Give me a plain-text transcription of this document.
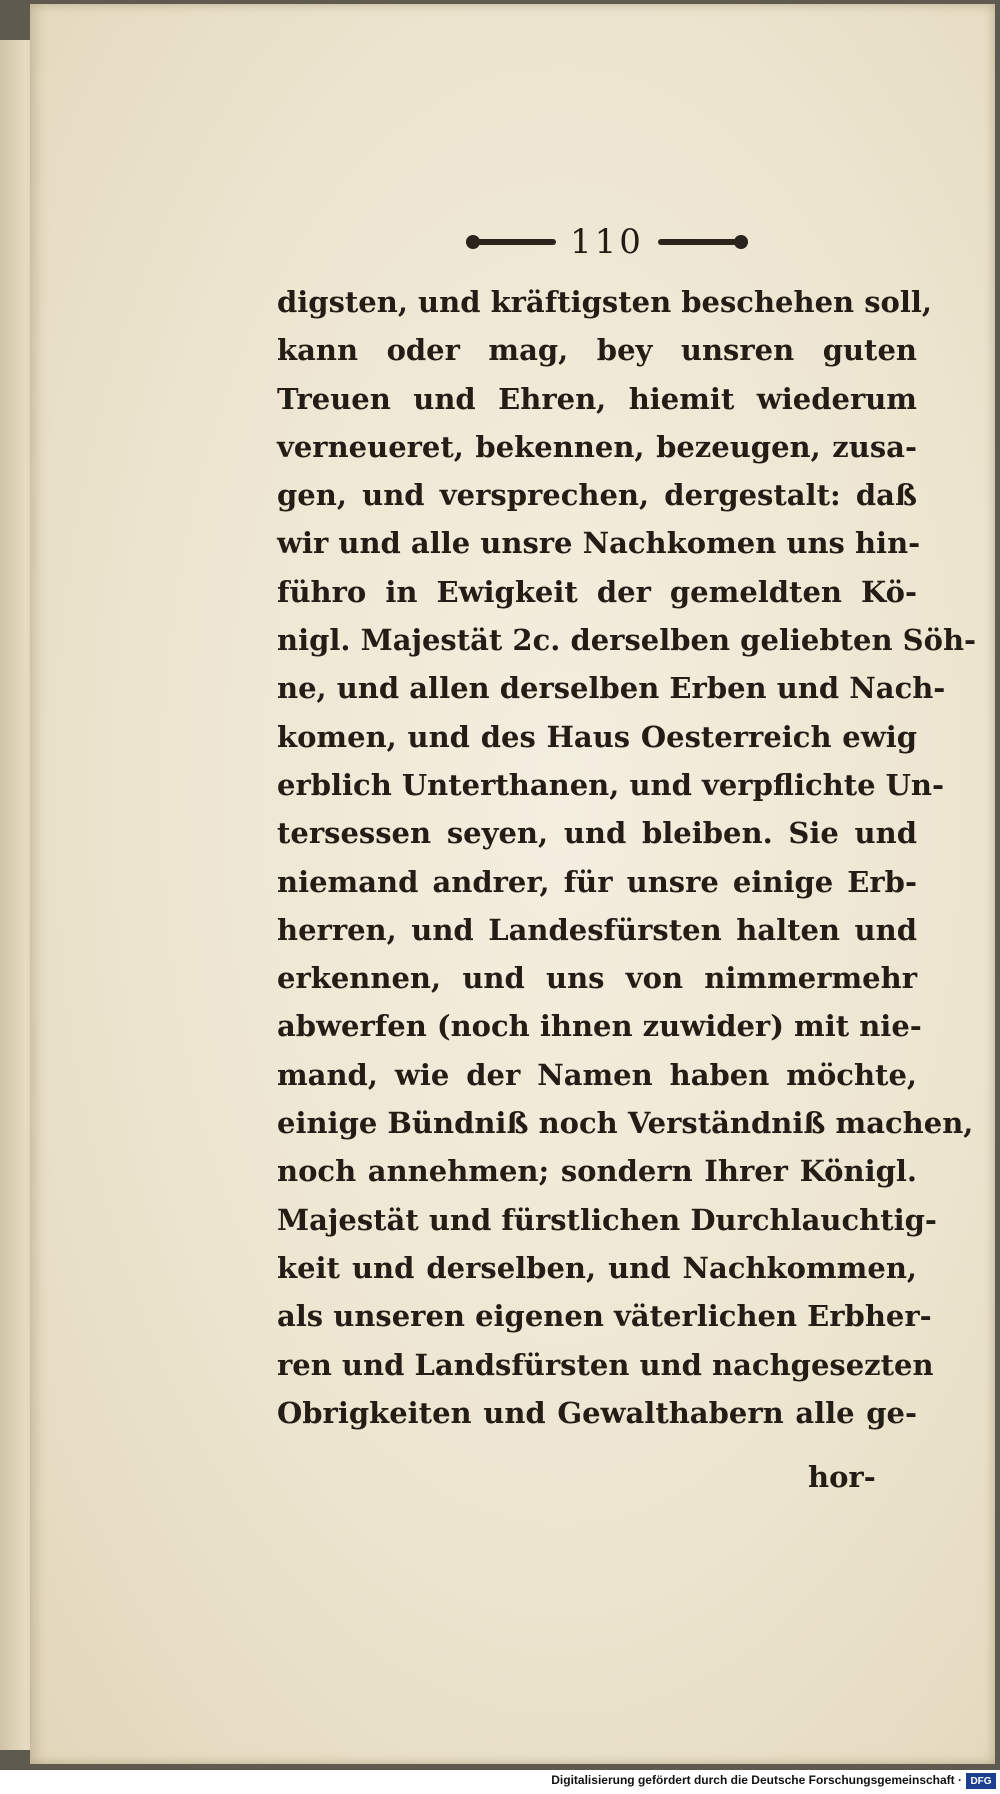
110
digsten, und kräftigsten beschehen soll,
kann oder mag, bey unsren guten
Treuen und Ehren, hiemit wiederum
verneueret, bekennen, bezeugen, zusa-
gen, und versprechen, dergestalt: daß
wir und alle unsre Nachkomen uns hin-
führo in Ewigkeit der gemeldten Kö-
nigl. Majestät 2c. derselben geliebten Söh-
ne, und allen derselben Erben und Nach-
komen, und des Haus Oesterreich ewig
erblich Unterthanen, und verpflichte Un-
tersessen seyen, und bleiben. Sie und
niemand andrer, für unsre einige Erb-
herren, und Landesfürsten halten und
erkennen, und uns von nimmermehr
abwerfen (noch ihnen zuwider) mit nie-
mand, wie der Namen haben möchte,
einige Bündniß noch Verständniß machen,
noch annehmen; sondern Ihrer Königl.
Majestät und fürstlichen Durchlauchtig-
keit und derselben, und Nachkommen,
als unseren eigenen väterlichen Erbher-
ren und Landsfürsten und nachgesezten
Obrigkeiten und Gewalthabern alle ge-
hor-
Digitalisierung gefördert durch die Deutsche Forschungsgemeinschaft · DFG
